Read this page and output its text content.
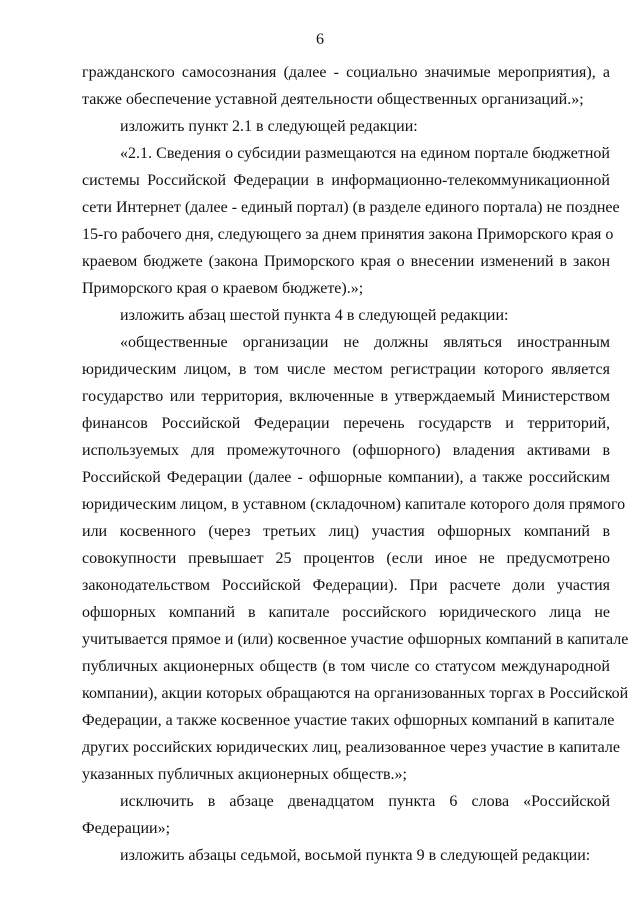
6
гражданского самосознания (далее - социально значимые мероприятия), а
также обеспечение уставной деятельности общественных организаций.»;
изложить пункт 2.1 в следующей редакции:
«2.1. Сведения о субсидии размещаются на едином портале бюджетной
системы Российской Федерации в информационно-телекоммуникационной
сети Интернет (далее - единый портал) (в разделе единого портала) не позднее
15-го рабочего дня, следующего за днем принятия закона Приморского края о
краевом бюджете (закона Приморского края о внесении изменений в закон
Приморского края о краевом бюджете).»;
изложить абзац шестой пункта 4 в следующей редакции:
«общественные организации не должны являться иностранным
юридическим лицом, в том числе местом регистрации которого является
государство или территория, включенные в утверждаемый Министерством
финансов Российской Федерации перечень государств и территорий,
используемых для промежуточного (офшорного) владения активами в
Российской Федерации (далее - офшорные компании), а также российским
юридическим лицом, в уставном (складочном) капитале которого доля прямого
или косвенного (через третьих лиц) участия офшорных компаний в
совокупности превышает 25 процентов (если иное не предусмотрено
законодательством Российской Федерации). При расчете доли участия
офшорных компаний в капитале российского юридического лица не
учитывается прямое и (или) косвенное участие офшорных компаний в капитале
публичных акционерных обществ (в том числе со статусом международной
компании), акции которых обращаются на организованных торгах в Российской
Федерации, а также косвенное участие таких офшорных компаний в капитале
других российских юридических лиц, реализованное через участие в капитале
указанных публичных акционерных обществ.»;
исключить в абзаце двенадцатом пункта 6 слова «Российской
Федерации»;
изложить абзацы седьмой, восьмой пункта 9 в следующей редакции:
